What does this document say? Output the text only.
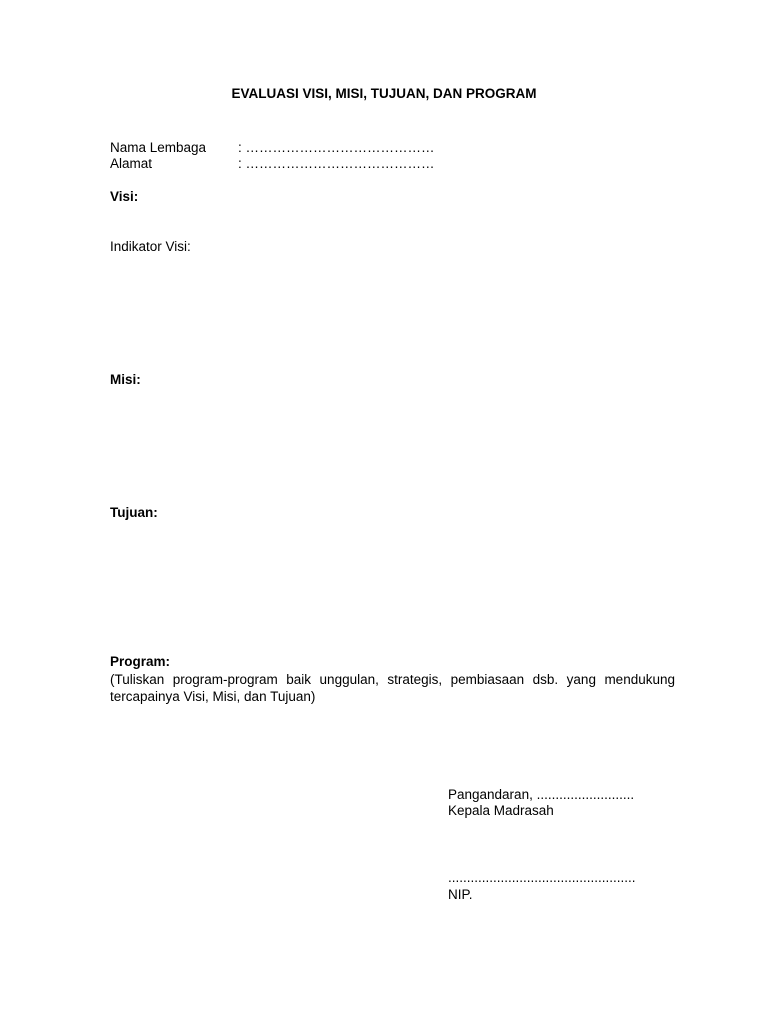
EVALUASI VISI, MISI, TUJUAN, DAN PROGRAM
Nama Lembaga : ……………………………………
Alamat	: ……………………………………
Visi:
Indikator Visi:
Misi:
Tujuan:
Program:
(Tuliskan program-program baik unggulan, strategis, pembiasaan dsb. yang mendukung tercapainya Visi, Misi, dan Tujuan)
Pangandaran, ..........................
Kepala Madrasah
..................................................
NIP.
